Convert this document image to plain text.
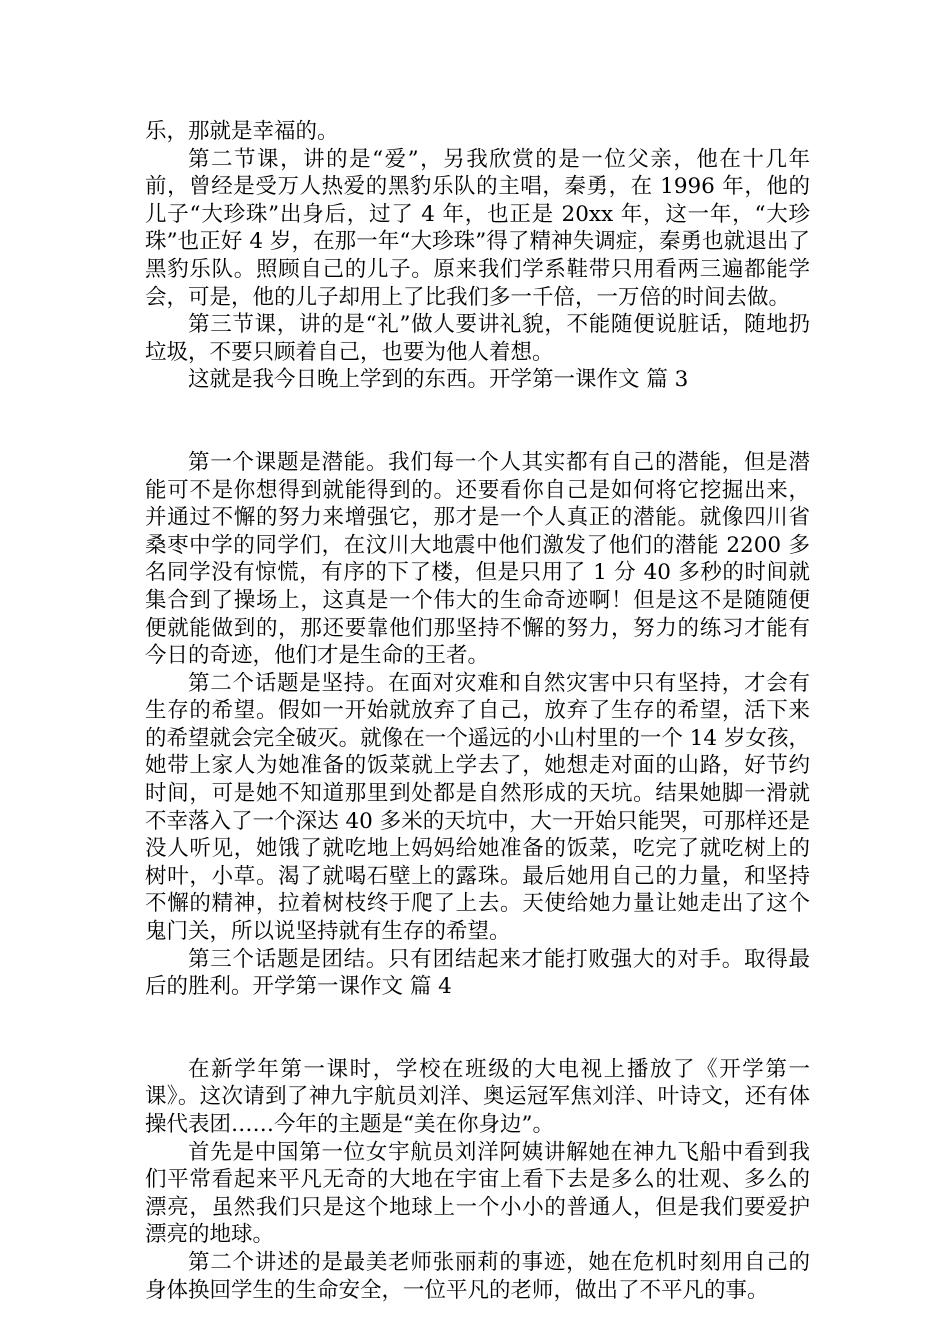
乐，那就是幸福的。

第二节课，讲的是“爱”，另我欣赏的是一位父亲，他在十几年前，曾经是受万人热爱的黑豹乐队的主唱，秦勇，在 1996 年，他的儿子“大珍珠”出身后，过了 4 年，也正是 20xx 年，这一年，“大珍珠”也正好 4 岁，在那一年“大珍珠”得了精神失调症，秦勇也就退出了黑豹乐队。照顾自己的儿子。原来我们学系鞋带只用看两三遍都能学会，可是，他的儿子却用上了比我们多一千倍，一万倍的时间去做。

第三节课，讲的是“礼”做人要讲礼貌，不能随便说脏话，随地扔垃圾，不要只顾着自己，也要为他人着想。

这就是我今日晚上学到的东西。开学第一课作文 篇 3

第一个课题是潜能。我们每一个人其实都有自己的潜能，但是潜能可不是你想得到就能得到的。还要看你自己是如何将它挖掘出来，并通过不懈的努力来增强它，那才是一个人真正的潜能。就像四川省桑枣中学的同学们，在汶川大地震中他们激发了他们的潜能 2200 多名同学没有惊慌，有序的下了楼，但是只用了 1 分 40 多秒的时间就集合到了操场上，这真是一个伟大的生命奇迹啊！但是这不是随随便便就能做到的，那还要靠他们那坚持不懈的努力，努力的练习才能有今日的奇迹，他们才是生命的王者。

第二个话题是坚持。在面对灾难和自然灾害中只有坚持，才会有生存的希望。假如一开始就放弃了自己，放弃了生存的希望，活下来的希望就会完全破灭。就像在一个遥远的小山村里的一个 14 岁女孩，她带上家人为她准备的饭菜就上学去了，她想走对面的山路，好节约时间，可是她不知道那里到处都是自然形成的天坑。结果她脚一滑就不幸落入了一个深达 40 多米的天坑中，大一开始只能哭，可那样还是没人听见，她饿了就吃地上妈妈给她准备的饭菜，吃完了就吃树上的树叶，小草。渴了就喝石壁上的露珠。最后她用自己的力量，和坚持不懈的精神，拉着树枝终于爬了上去。天使给她力量让她走出了这个鬼门关，所以说坚持就有生存的希望。

第三个话题是团结。只有团结起来才能打败强大的对手。取得最后的胜利。开学第一课作文 篇 4

在新学年第一课时，学校在班级的大电视上播放了《开学第一课》。这次请到了神九宇航员刘洋、奥运冠军焦刘洋、叶诗文，还有体操代表团……今年的主题是“美在你身边”。

首先是中国第一位女宇航员刘洋阿姨讲解她在神九飞船中看到我们平常看起来平凡无奇的大地在宇宙上看下去是多么的壮观、多么的漂亮，虽然我们只是这个地球上一个小小的普通人，但是我们要爱护漂亮的地球。

第二个讲述的是最美老师张丽莉的事迹，她在危机时刻用自己的身体换回学生的生命安全，一位平凡的老师，做出了不平凡的事。
